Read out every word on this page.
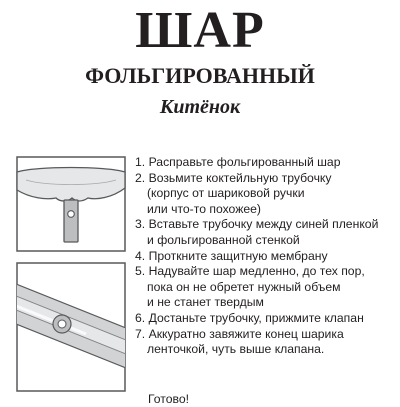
ШАР
ФОЛЬГИРОВАННЫЙ
Китёнок
1. Расправьте фольгированный шар
2. Возьмите коктейльную трубочку
(корпус от шариковой ручки
или что-то похожее)
3. Вставьте трубочку между синей пленкой
и фольгированной стенкой
4. Проткните защитную мембрану
5. Надувайте шар медленно, до тех пор,
пока он не обретет нужный объем
и не станет твердым
6. Достаньте трубочку, прижмите клапан
7. Аккуратно завяжите конец шарика
ленточкой, чуть выше клапана.
Готово!
